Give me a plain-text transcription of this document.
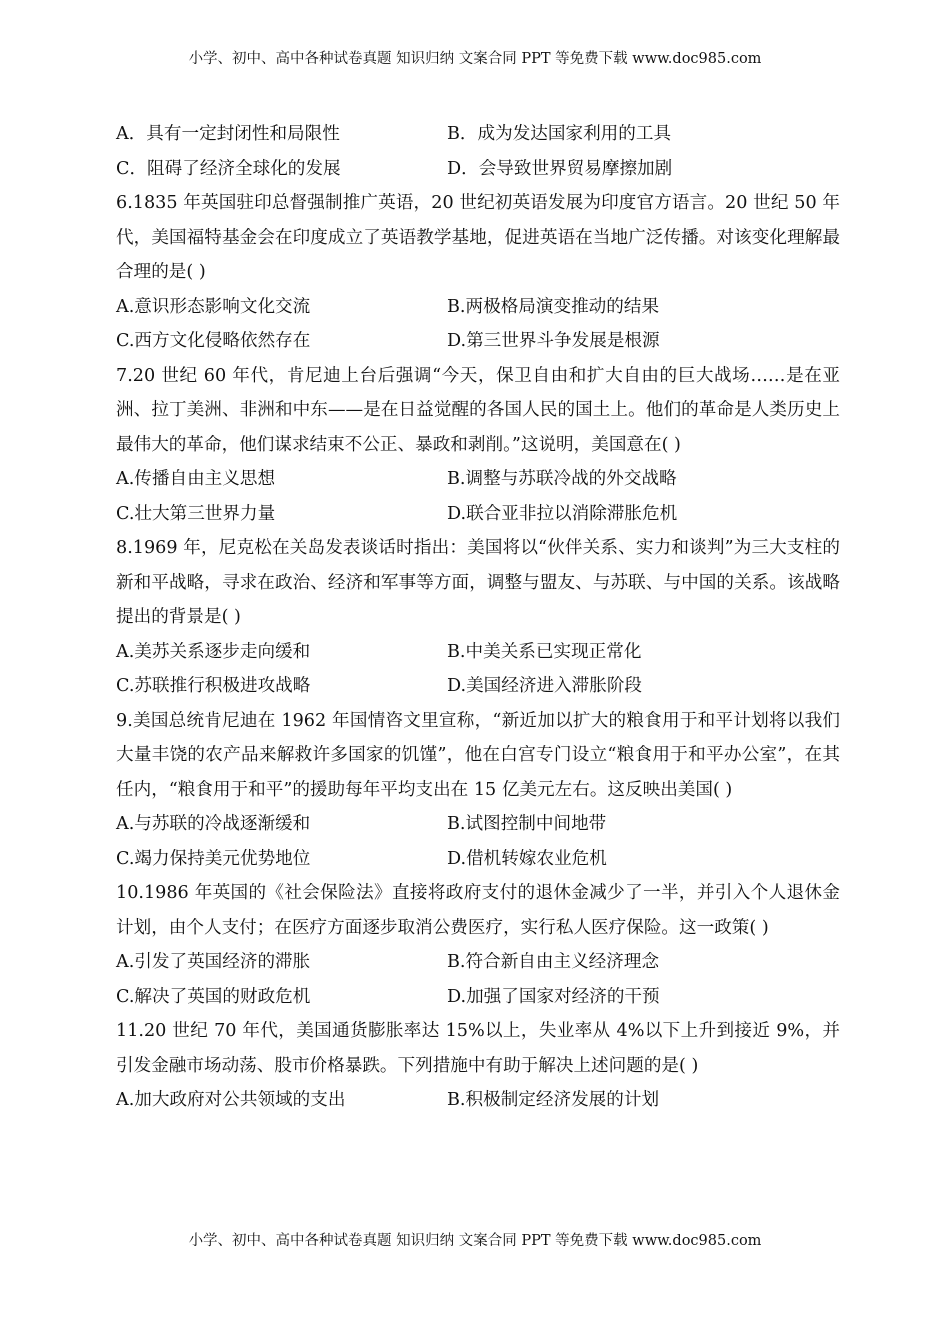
小学、初中、高中各种试卷真题 知识归纳 文案合同 PPT 等免费下载 www.doc985.com
A．具有一定封闭性和局限性	B．成为发达国家利用的工具
C．阻碍了经济全球化的发展	D．会导致世界贸易摩擦加剧
6.1835 年英国驻印总督强制推广英语，20 世纪初英语发展为印度官方语言。20 世纪 50 年代，美国福特基金会在印度成立了英语教学基地，促进英语在当地广泛传播。对该变化理解最合理的是( )
A.意识形态影响文化交流	B.两极格局演变推动的结果
C.西方文化侵略依然存在	D.第三世界斗争发展是根源
7.20 世纪 60 年代，肯尼迪上台后强调“今天，保卫自由和扩大自由的巨大战场……是在亚洲、拉丁美洲、非洲和中东——是在日益觉醒的各国人民的国土上。他们的革命是人类历史上最伟大的革命，他们谋求结束不公正、暴政和剥削。”这说明，美国意在( )
A.传播自由主义思想	B.调整与苏联冷战的外交战略
C.壮大第三世界力量	D.联合亚非拉以消除滞胀危机
8.1969 年，尼克松在关岛发表谈话时指出：美国将以“伙伴关系、实力和谈判”为三大支柱的新和平战略，寻求在政治、经济和军事等方面，调整与盟友、与苏联、与中国的关系。该战略提出的背景是( )
A.美苏关系逐步走向缓和	B.中美关系已实现正常化
C.苏联推行积极进攻战略	D.美国经济进入滞胀阶段
9.美国总统肯尼迪在 1962 年国情咨文里宣称，“新近加以扩大的粮食用于和平计划将以我们大量丰饶的农产品来解救许多国家的饥馑”，他在白宫专门设立“粮食用于和平办公室”，在其任内，“粮食用于和平”的援助每年平均支出在 15 亿美元左右。这反映出美国( )
A.与苏联的冷战逐渐缓和	B.试图控制中间地带
C.竭力保持美元优势地位	D.借机转嫁农业危机
10.1986 年英国的《社会保险法》直接将政府支付的退休金减少了一半，并引入个人退休金计划，由个人支付；在医疗方面逐步取消公费医疗，实行私人医疗保险。这一政策( )
A.引发了英国经济的滞胀	B.符合新自由主义经济理念
C.解决了英国的财政危机	D.加强了国家对经济的干预
11.20 世纪 70 年代，美国通货膨胀率达 15%以上，失业率从 4%以下上升到接近 9%，并引发金融市场动荡、股市价格暴跌。下列措施中有助于解决上述问题的是( )
A.加大政府对公共领域的支出	B.积极制定经济发展的计划
小学、初中、高中各种试卷真题 知识归纳 文案合同 PPT 等免费下载 www.doc985.com
